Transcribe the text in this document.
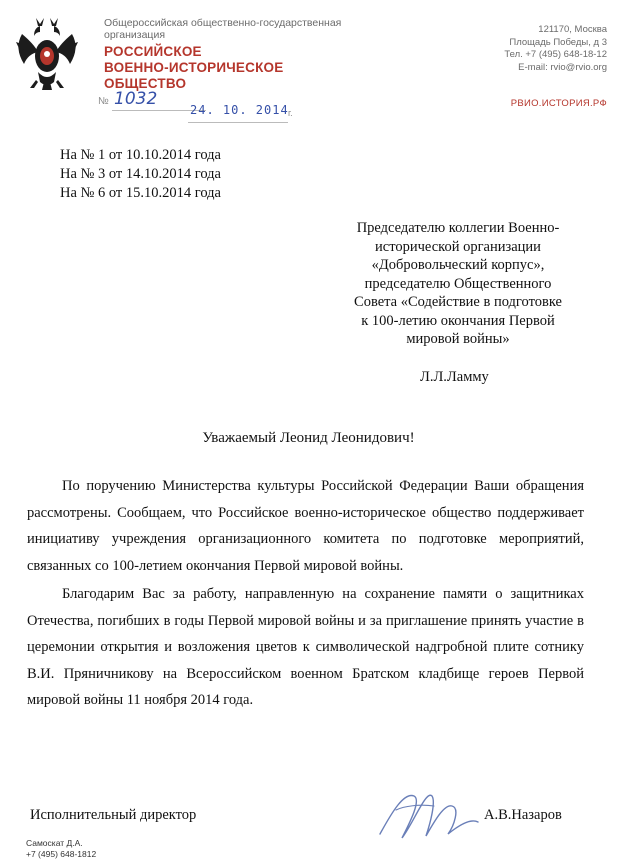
Общероссийская общественно-государственная организация
РОССИЙСКОЕ
ВОЕННО-ИСТОРИЧЕСКОЕ
ОБЩЕСТВО
121170, Москва
Площадь Победы, д 3
Тел. +7 (495) 648-18-12
E-mail: rvio@rvio.org
№ 1032
24. 10. 2014 г.
РВИО.ИСТОРИЯ.РФ
На № 1 от 10.10.2014 года
На № 3 от 14.10.2014 года
На № 6 от 15.10.2014 года
Председателю коллегии Военно-
исторической организации
«Добровольческий корпус»,
председателю Общественного
Совета «Содействие в подготовке
к 100-летию окончания Первой
мировой войны»
Л.Л.Ламму
Уважаемый Леонид Леонидович!

По поручению Министерства культуры Российской Федерации Ваши обращения рассмотрены. Сообщаем, что Российское военно-историческое общество поддерживает инициативу учреждения организационного комитета по подготовке мероприятий, связанных со 100-летием окончания Первой мировой войны.

Благодарим Вас за работу, направленную на сохранение памяти о защитниках Отечества, погибших в годы Первой мировой войны и за приглашение принять участие в церемонии открытия и возложения цветов к символической надгробной плите сотнику В.И. Пряничникову на Всероссийском военном Братском кладбище героев Первой мировой войны 11 ноября 2014 года.

Исполнительный директор	А.В.Назаров
Самоскат Д.А.
+7 (495) 648-1812
